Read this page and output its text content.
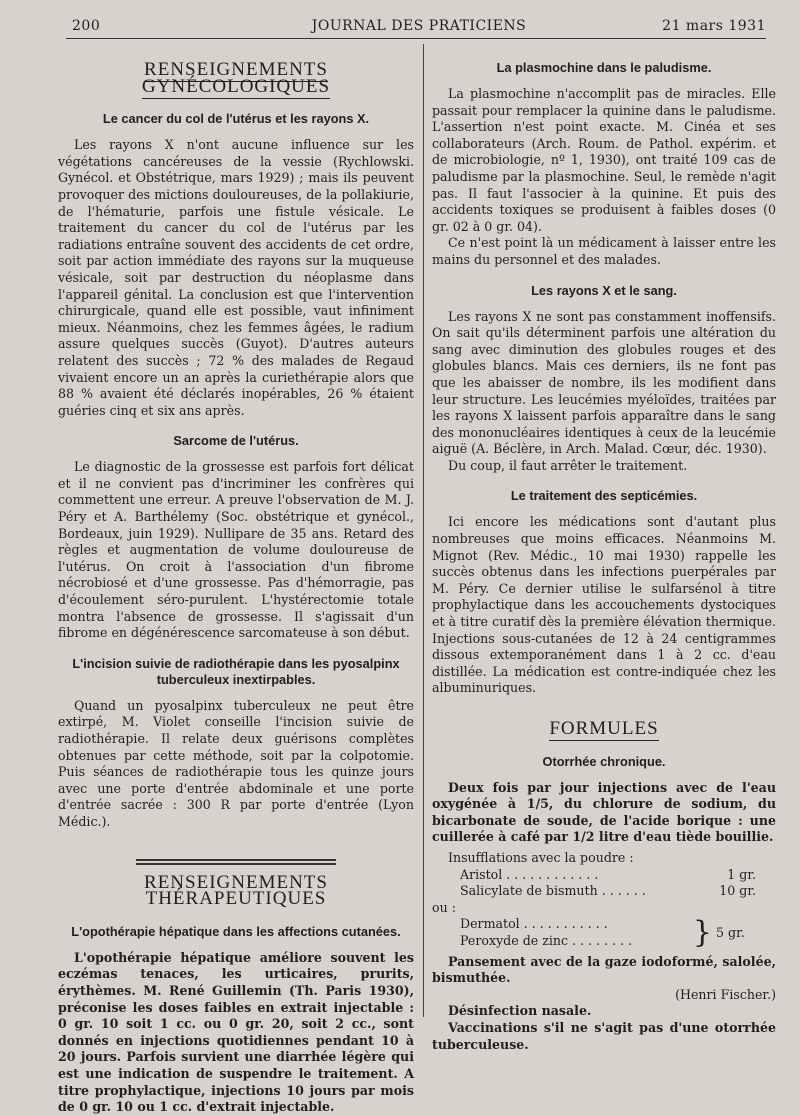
200	JOURNAL DES PRATICIENS	21 mars 1931
RENSEIGNEMENTS GYNÉCOLOGIQUES
Le cancer du col de l'utérus et les rayons X.

Les rayons X n'ont aucune influence sur les végétations cancéreuses de la vessie (Rychlowski. Gynécol. et Obstétrique, mars 1929) ; mais ils peuvent provoquer des mictions douloureuses, de la pollakiurie, de l'hématurie, parfois une fistule vésicale. Le traitement du cancer du col de l'utérus par les radiations entraîne souvent des accidents de cet ordre, soit par action immédiate des rayons sur la muqueuse vésicale, soit par destruction du néoplasme dans l'appareil génital. La conclusion est que l'intervention chirurgicale, quand elle est possible, vaut infiniment mieux. Néanmoins, chez les femmes âgées, le radium assure quelques succès (Guyot). D'autres auteurs relatent des succès ; 72 % des malades de Regaud vivaient encore un an après la curiethérapie alors que 88 % avaient été déclarés inopérables, 26 % étaient guéries cinq et six ans après.

Sarcome de l'utérus.

Le diagnostic de la grossesse est parfois fort délicat et il ne convient pas d'incriminer les confrères qui commettent une erreur. A preuve l'observation de M. J. Péry et A. Barthélemy (Soc. obstétrique et gynécol., Bordeaux, juin 1929). Nullipare de 35 ans. Retard des règles et augmentation de volume douloureuse de l'utérus. On croit à l'association d'un fibrome nécrobiosé et d'une grossesse. Pas d'hémorragie, pas d'écoulement séro-purulent. L'hystérectomie totale montra l'absence de grossesse. Il s'agissait d'un fibrome en dégénérescence sarcomateuse à son début.

L'incision suivie de radiothérapie dans les pyosalpinx tuberculeux inextirpables.

Quand un pyosalpinx tuberculeux ne peut être extirpé, M. Violet conseille l'incision suivie de radiothérapie. Il relate deux guérisons complètes obtenues par cette méthode, soit par la colpotomie. Puis séances de radiothérapie tous les quinze jours avec une porte d'entrée abdominale et une porte d'entrée sacrée : 300 R par porte d'entrée (Lyon Médic.).

RENSEIGNEMENTS THÉRAPEUTIQUES
L'opothérapie hépatique dans les affections cutanées.

L'opothérapie hépatique améliore souvent les eczémas tenaces, les urticaires, prurits, érythèmes. M. René Guillemin (Th. Paris 1930), préconise les doses faibles en extrait injectable : 0 gr. 10 soit 1 cc. ou 0 gr. 20, soit 2 cc., sont donnés en injections quotidiennes pendant 10 à 20 jours. Parfois survient une diarrhée légère qui est une indication de suspendre le traitement. A titre prophylactique, injections 10 jours par mois de 0 gr. 10 ou 1 cc. d'extrait injectable.

La plasmochine dans le paludisme.

La plasmochine n'accomplit pas de miracles. Elle passait pour remplacer la quinine dans le paludisme. L'assertion n'est point exacte. M. Cinéa et ses collaborateurs (Arch. Roum. de Pathol. expérim. et de microbiologie, nº 1, 1930), ont traité 109 cas de paludisme par la plasmochine. Seul, le remède n'agit pas. Il faut l'associer à la quinine. Et puis des accidents toxiques se produisent à faibles doses (0 gr. 02 à 0 gr. 04).

Ce n'est point là un médicament à laisser entre les mains du personnel et des malades.

Les rayons X et le sang.

Les rayons X ne sont pas constamment inoffensifs. On sait qu'ils déterminent parfois une altération du sang avec diminution des globules rouges et des globules blancs. Mais ces derniers, ils ne font pas que les abaisser de nombre, ils les modifient dans leur structure. Les leucémies myéloïdes, traitées par les rayons X laissent parfois apparaître dans le sang des mononucléaires identiques à ceux de la leucémie aiguë (A. Béclère, in Arch. Malad. Cœur, déc. 1930).

Du coup, il faut arrêter le traitement.

Le traitement des septicémies.

Ici encore les médications sont d'autant plus nombreuses que moins efficaces. Néanmoins M. Mignot (Rev. Médic., 10 mai 1930) rappelle les succès obtenus dans les infections puerpérales par M. Péry. Ce dernier utilise le sulfarsénol à titre prophylactique dans les accouchements dystociques et à titre curatif dès la première élévation thermique. Injections sous-cutanées de 12 à 24 centigrammes dissous extemporanément dans 1 à 2 cc. d'eau distillée. La médication est contre-indiquée chez les albuminuriques.

FORMULES
Otorrhée chronique.

Deux fois par jour injections avec de l'eau oxygénée à 1/5, du chlorure de sodium, du bicarbonate de soude, de l'acide borique : une cuillerée à café par 1/2 litre d'eau tiède bouillie.

Insufflations avec la poudre :
Aristol . . . . . . . . . . . .	1 gr.
Salicylate de bismuth . . . . . .	10 gr.
ou :
Dermatol . . . . . . . . . . .
Peroxyde de zinc . . . . . . . .	} 5 gr.

Pansement avec de la gaze iodoformé, salolée, bismuthée.

(Henri Fischer.)

Désinfection nasale.

Vaccinations s'il ne s'agit pas d'une otorrhée tuberculeuse.
